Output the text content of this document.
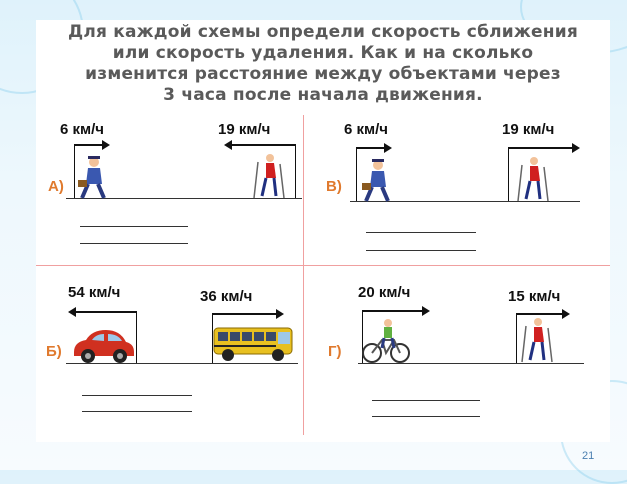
Для каждой схемы определи скорость сближения
или скорость удаления. Как и на сколько
изменится расстояние между объектами через
3 часа после начала движения.
6 км/ч	19 км/ч
А)
6 км/ч	19 км/ч
В)
54 км/ч	36 км/ч
Б)
20 км/ч	15 км/ч
Г)
21
